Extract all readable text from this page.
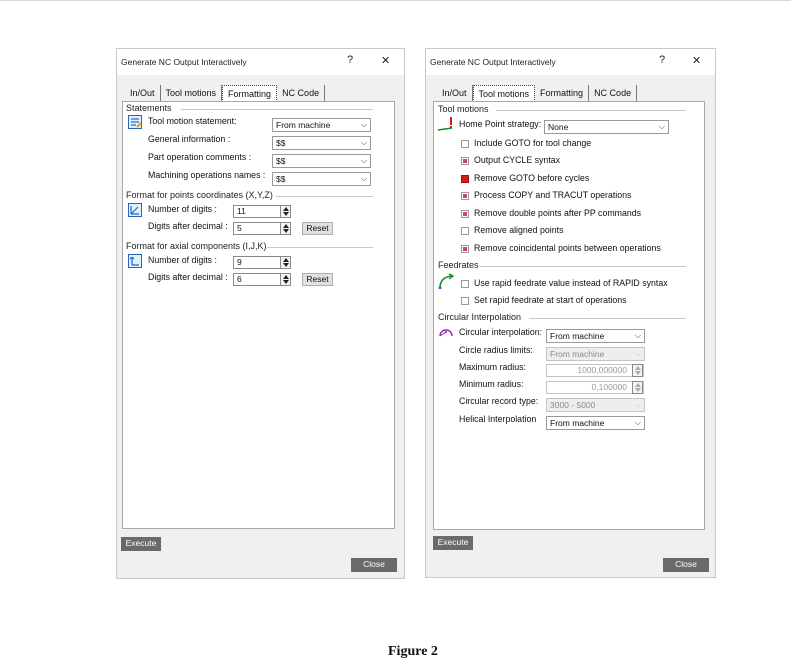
Generate NC Output Interactively	?	✕
In/Out	Tool motions	Formatting	NC Code
Statements
Tool motion statement:	From machine	⌵
General information :	$$	⌵
Part operation comments :	$$	⌵
Machining operations names :	$$	⌵
Format for points coordinates (X,Y,Z)
Number of digits :	11
Digits after decimal :	5	Reset
Format for axial components (I,J,K)
Number of digits :	9
Digits after decimal :	6	Reset
Execute
Close
Generate NC Output Interactively	? ✕
In/Out	Tool motions	Formatting	NC Code
Tool motions
Home Point strategy: None	⌵
Include GOTO for tool change
Output CYCLE syntax
Remove GOTO before cycles
Process COPY and TRACUT operations
Remove double points after PP commands
Remove aligned points
Remove coincidental points between operations
Feedrates
Use rapid feedrate value instead of RAPID syntax
Set rapid feedrate at start of operations
Circular Interpolation
Circular interpolation: From machine	⌵
Circle radius limits:	From machine	⌵
Maximum radius:	1000,000000
Minimum radius:	0,100000
Circular record type:	3000 - 5000	⌵
Helical Interpolation	From machine	⌵
Execute
Close
Figure 2
